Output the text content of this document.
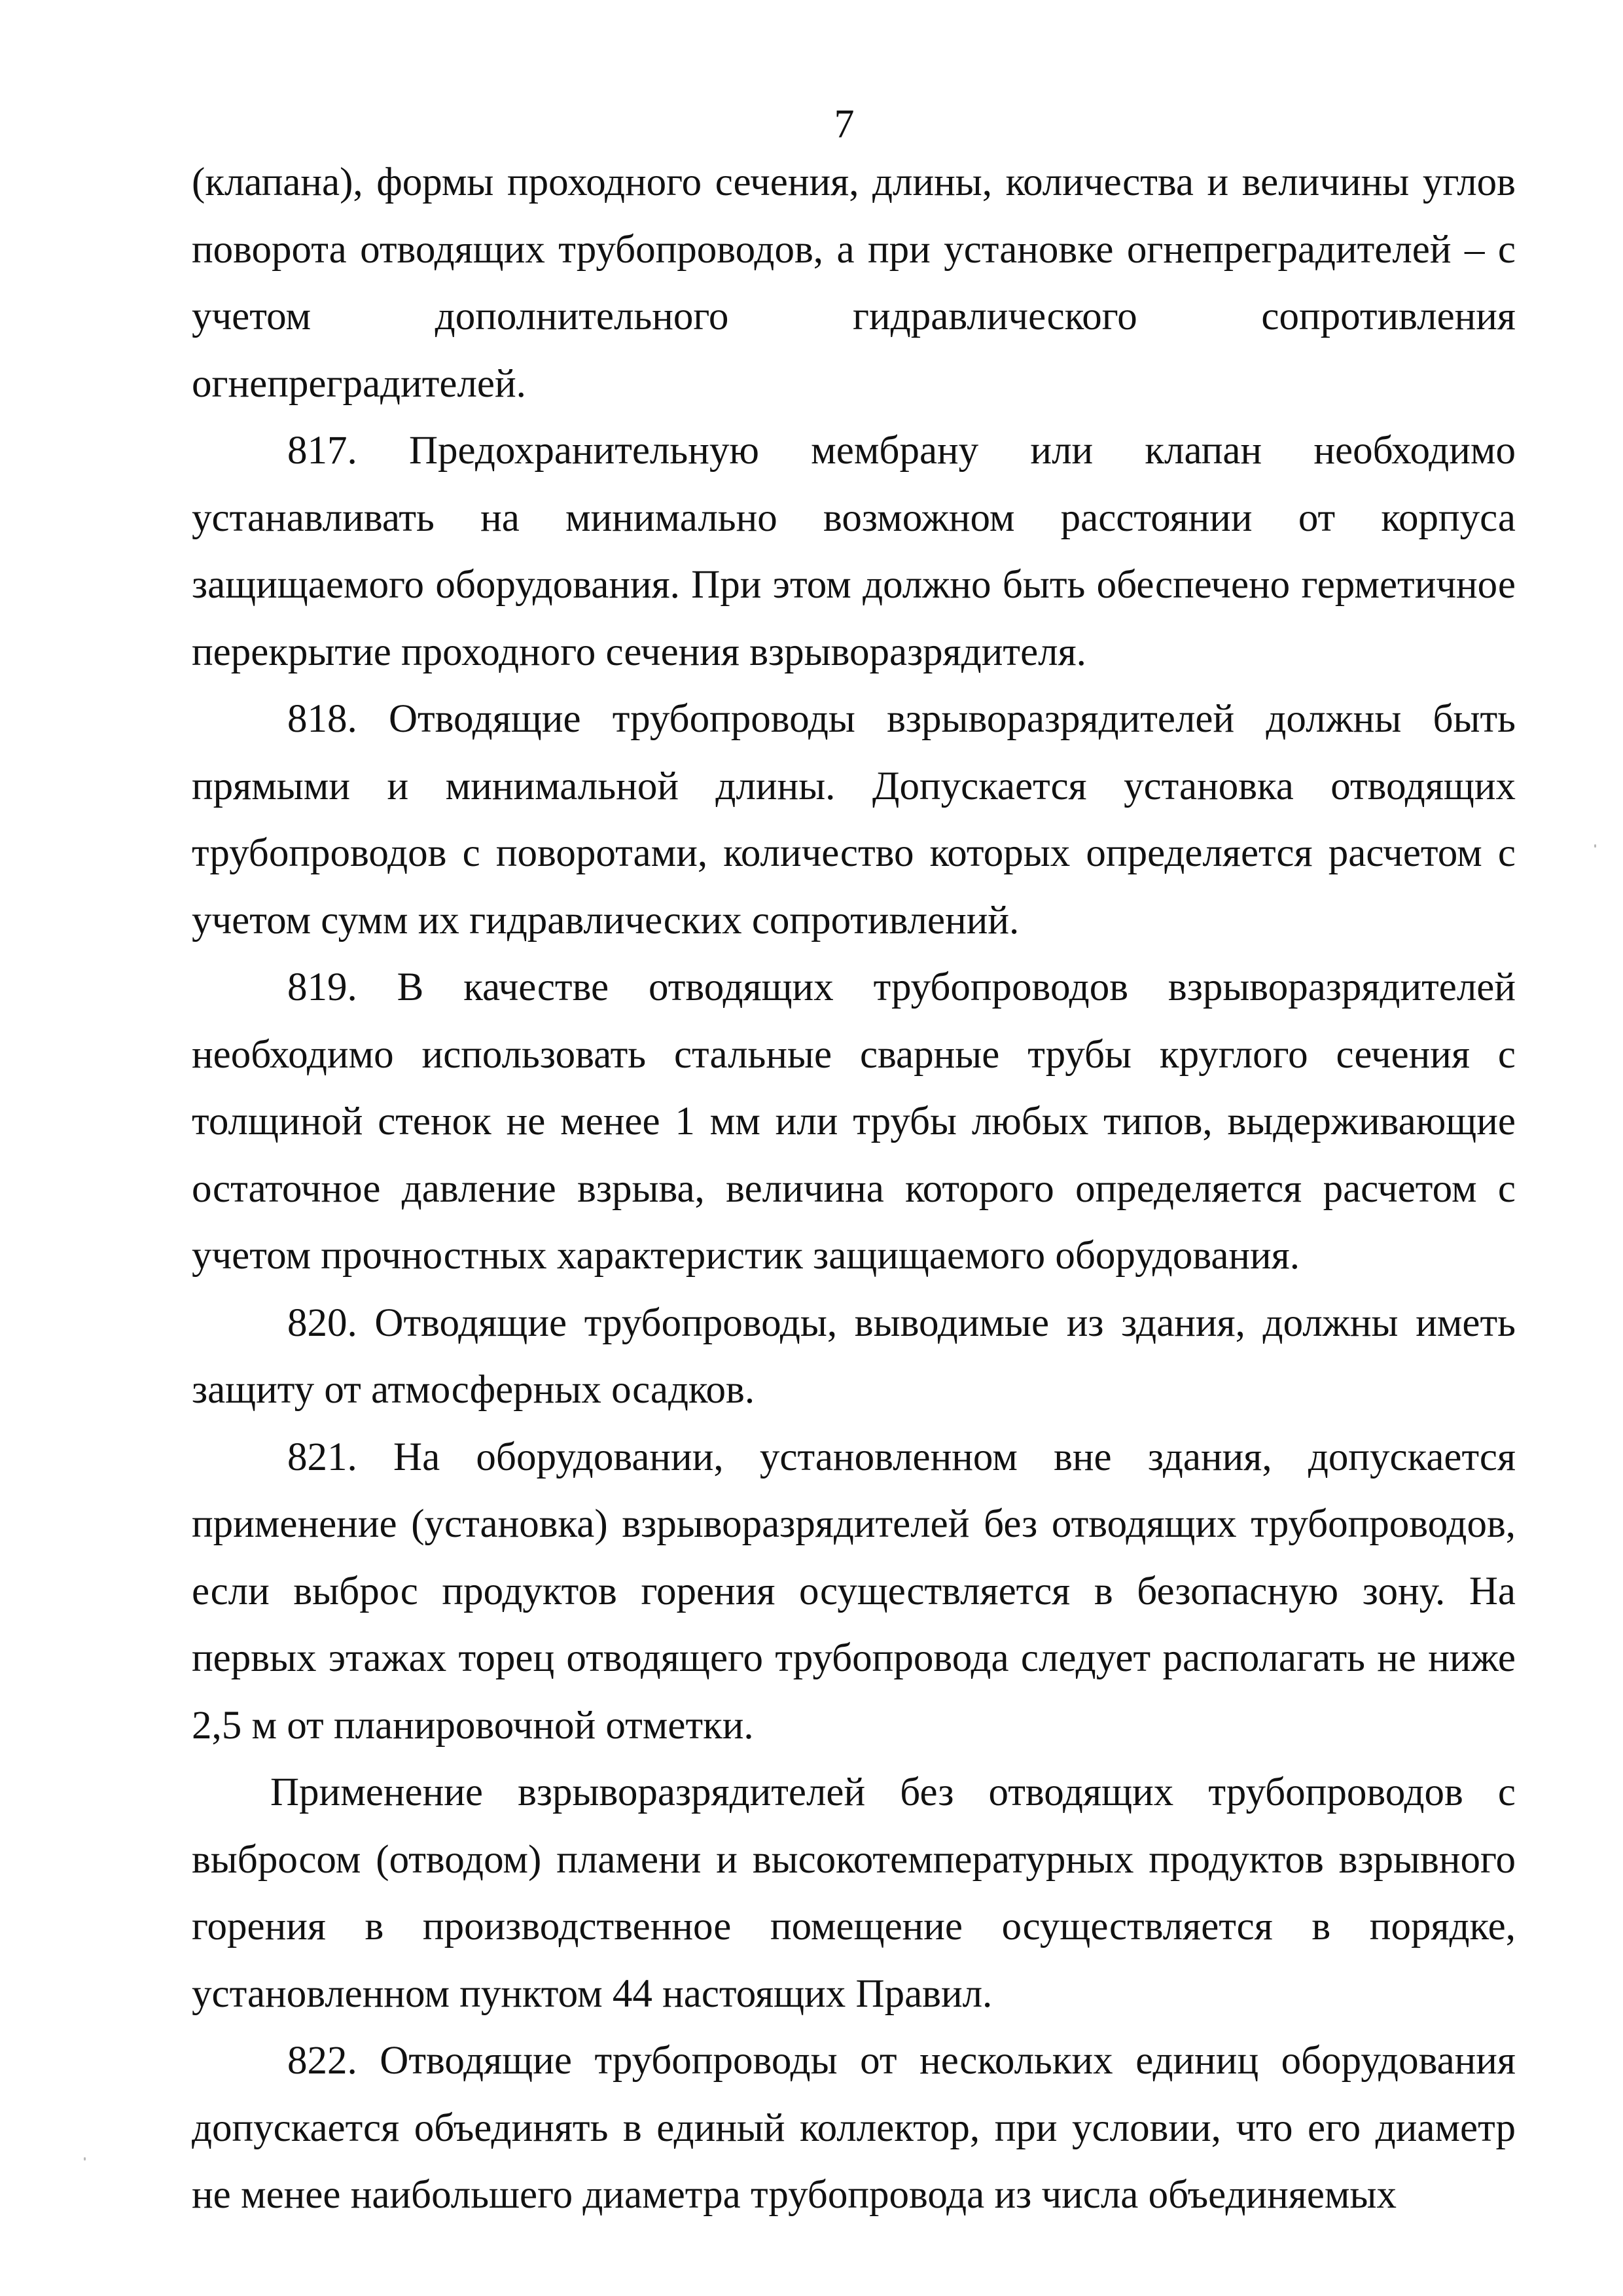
7

(клапана), формы проходного сечения, длины, количества и величины углов поворота отводящих трубопроводов, а при установке огнепреградителей – с учетом дополнительного гидравлического сопротивления огнепреградителей.

817. Предохранительную мембрану или клапан необходимо устанавливать на минимально возможном расстоянии от корпуса защищаемого оборудования. При этом должно быть обеспечено герметичное перекрытие проходного сечения взрыворазрядителя.

818. Отводящие трубопроводы взрыворазрядителей должны быть прямыми и минимальной длины. Допускается установка отводящих трубопроводов с поворотами, количество которых определяется расчетом с учетом сумм их гидравлических сопротивлений.

819. В качестве отводящих трубопроводов взрыворазрядителей необходимо использовать стальные сварные трубы круглого сечения с толщиной стенок не менее 1 мм или трубы любых типов, выдерживающие остаточное давление взрыва, величина которого определяется расчетом с учетом прочностных характеристик защищаемого оборудования.

820. Отводящие трубопроводы, выводимые из здания, должны иметь защиту от атмосферных осадков.

821. На оборудовании, установленном вне здания, допускается применение (установка) взрыворазрядителей без отводящих трубопроводов, если выброс продуктов горения осуществляется в безопасную зону. На первых этажах торец отводящего трубопровода следует располагать не ниже 2,5 м от планировочной отметки.

Применение взрыворазрядителей без отводящих трубопроводов с выбросом (отводом) пламени и высокотемпературных продуктов взрывного горения в производственное помещение осуществляется в порядке, установленном пунктом 44 настоящих Правил.

822. Отводящие трубопроводы от нескольких единиц оборудования допускается объединять в единый коллектор, при условии, что его диаметр не менее наибольшего диаметра трубопровода из числа объединяемых
